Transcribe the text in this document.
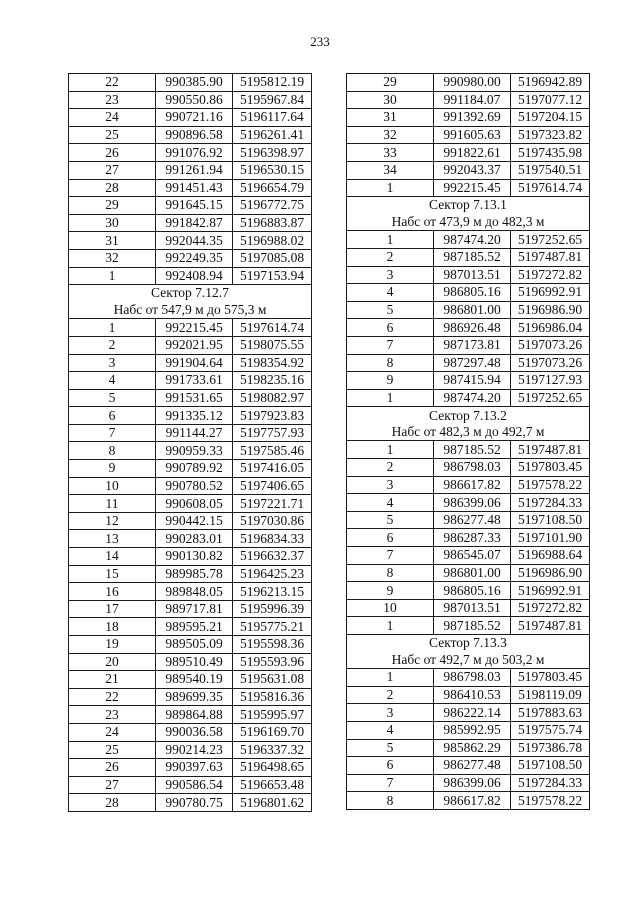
233
22	990385.90	5195812.19
23	990550.86	5195967.84
24	990721.16	5196117.64
25	990896.58	5196261.41
26	991076.92	5196398.97
27	991261.94	5196530.15
28	991451.43	5196654.79
29	991645.15	5196772.75
30	991842.87	5196883.87
31	992044.35	5196988.02
32	992249.35	5197085.08
1	992408.94	5197153.94
Сектор 7.12.7		
Набс от 547,9 м до 575,3 м		
1	992215.45	5197614.74
2	992021.95	5198075.55
3	991904.64	5198354.92
4	991733.61	5198235.16
5	991531.65	5198082.97
6	991335.12	5197923.83
7	991144.27	5197757.93
8	990959.33	5197585.46
9	990789.92	5197416.05
10	990780.52	5197406.65
11	990608.05	5197221.71
12	990442.15	5197030.86
13	990283.01	5196834.33
14	990130.82	5196632.37
15	989985.78	5196425.23
16	989848.05	5196213.15
17	989717.81	5195996.39
18	989595.21	5195775.21
19	989505.09	5195598.36
20	989510.49	5195593.96
21	989540.19	5195631.08
22	989699.35	5195816.36
23	989864.88	5195995.97
24	990036.58	5196169.70
25	990214.23	5196337.32
26	990397.63	5196498.65
27	990586.54	5196653.48
28	990780.75	5196801.62
29	990980.00	5196942.89
30	991184.07	5197077.12
31	991392.69	5197204.15
32	991605.63	5197323.82
33	991822.61	5197435.98
34	992043.37	5197540.51
1	992215.45	5197614.74
Сектор 7.13.1		
Набс от 473,9 м до 482,3 м		
1	987474.20	5197252.65
2	987185.52	5197487.81
3	987013.51	5197272.82
4	986805.16	5196992.91
5	986801.00	5196986.90
6	986926.48	5196986.04
7	987173.81	5197073.26
8	987297.48	5197073.26
9	987415.94	5197127.93
1	987474.20	5197252.65
Сектор 7.13.2		
Набс от 482,3 м до 492,7 м		
1	987185.52	5197487.81
2	986798.03	5197803.45
3	986617.82	5197578.22
4	986399.06	5197284.33
5	986277.48	5197108.50
6	986287.33	5197101.90
7	986545.07	5196988.64
8	986801.00	5196986.90
9	986805.16	5196992.91
10	987013.51	5197272.82
1	987185.52	5197487.81
Сектор 7.13.3		
Набс от 492,7 м до 503,2 м		
1	986798.03	5197803.45
2	986410.53	5198119.09
3	986222.14	5197883.63
4	985992.95	5197575.74
5	985862.29	5197386.78
6	986277.48	5197108.50
7	986399.06	5197284.33
8	986617.82	5197578.22
